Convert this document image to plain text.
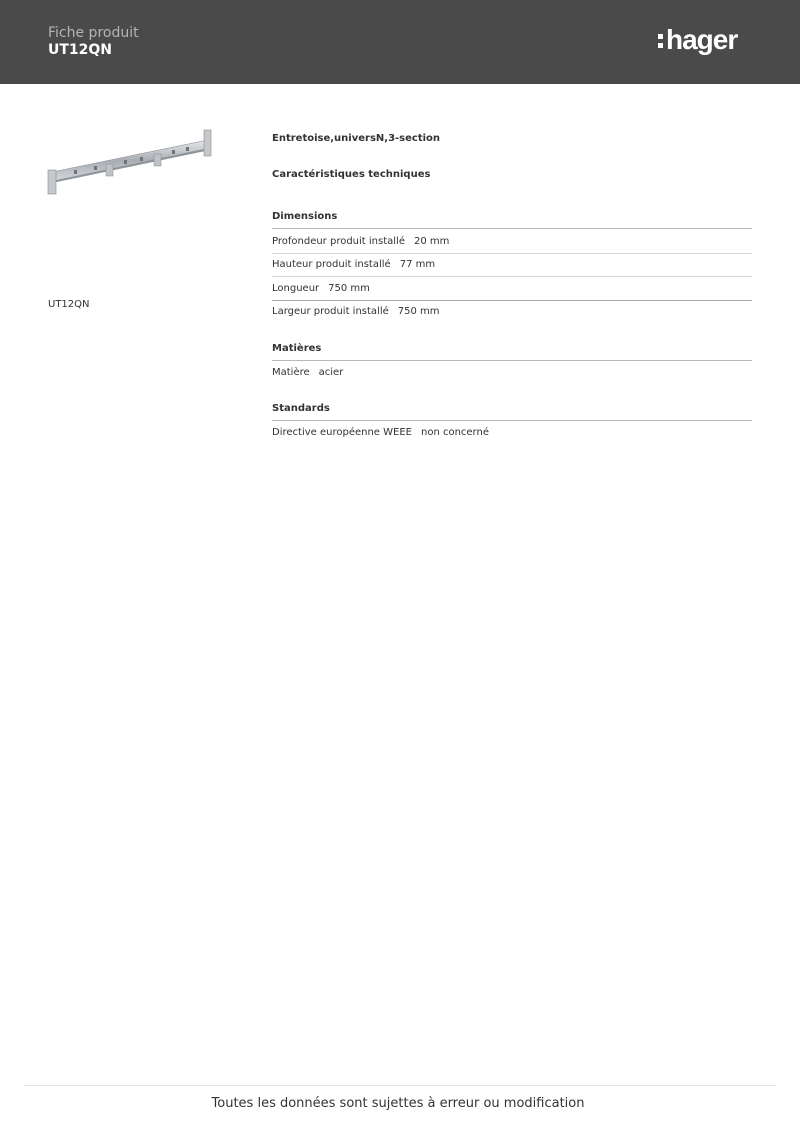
Fiche produit
UT12QN	hager
UT12QN
Entretoise,universN,3-section
Caractéristiques techniques
Dimensions
Profondeur produit installé 20 mm
Hauteur produit installé 77 mm
Longueur 750 mm
Largeur produit installé 750 mm
Matières
Matière acier
Standards
Directive européenne WEEE non concerné
Toutes les données sont sujettes à erreur ou modification
